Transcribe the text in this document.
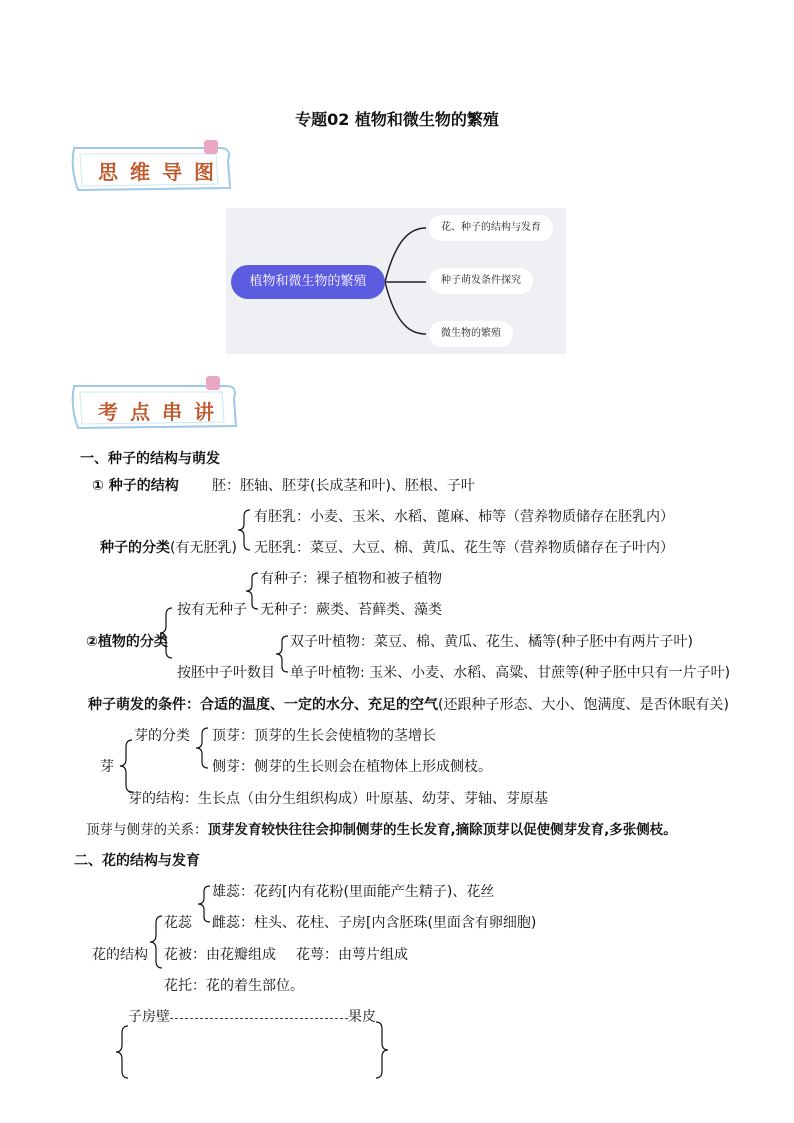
专题02 植物和微生物的繁殖
思维导图
植物和微生物的繁殖
花、种子的结构与发育
种子萌发条件探究
微生物的繁殖
考点串讲
一、种子的结构与萌发
① 种子的结构 胚：胚轴、胚芽(长成茎和叶)、胚根、子叶
有胚乳：小麦、玉米、水稻、蓖麻、柿等（营养物质储存在胚乳内）
种子的分类(有无胚乳) 无胚乳：菜豆、大豆、棉、黄瓜、花生等（营养物质储存在子叶内）
有种子：裸子植物和被子植物
按有无种子 无种子：蕨类、苔藓类、藻类
②植物的分类	双子叶植物：菜豆、棉、黄瓜、花生、橘等(种子胚中有两片子叶)
按胚中子叶数目 单子叶植物: 玉米、小麦、水稻、高粱、甘蔗等(种子胚中只有一片子叶)
种子萌发的条件：合适的温度、一定的水分、充足的空气(还跟种子形态、大小、饱满度、是否休眠有关)
芽的分类 顶芽：顶芽的生长会使植物的茎增长
芽	侧芽：侧芽的生长则会在植物体上形成侧枝。
芽的结构：生长点（由分生组织构成）叶原基、幼芽、芽轴、芽原基
顶芽与侧芽的关系：顶芽发育较快往往会抑制侧芽的生长发育,摘除顶芽以促使侧芽发育,多张侧枝。
二、花的结构与发育
雄蕊：花药[内有花粉(里面能产生精子)、花丝
花蕊 雌蕊：柱头、花柱、子房[内含胚珠(里面含有卵细胞)
花的结构 花被：由花瓣组成 花萼：由萼片组成
花托：花的着生部位。
子房壁	果皮
